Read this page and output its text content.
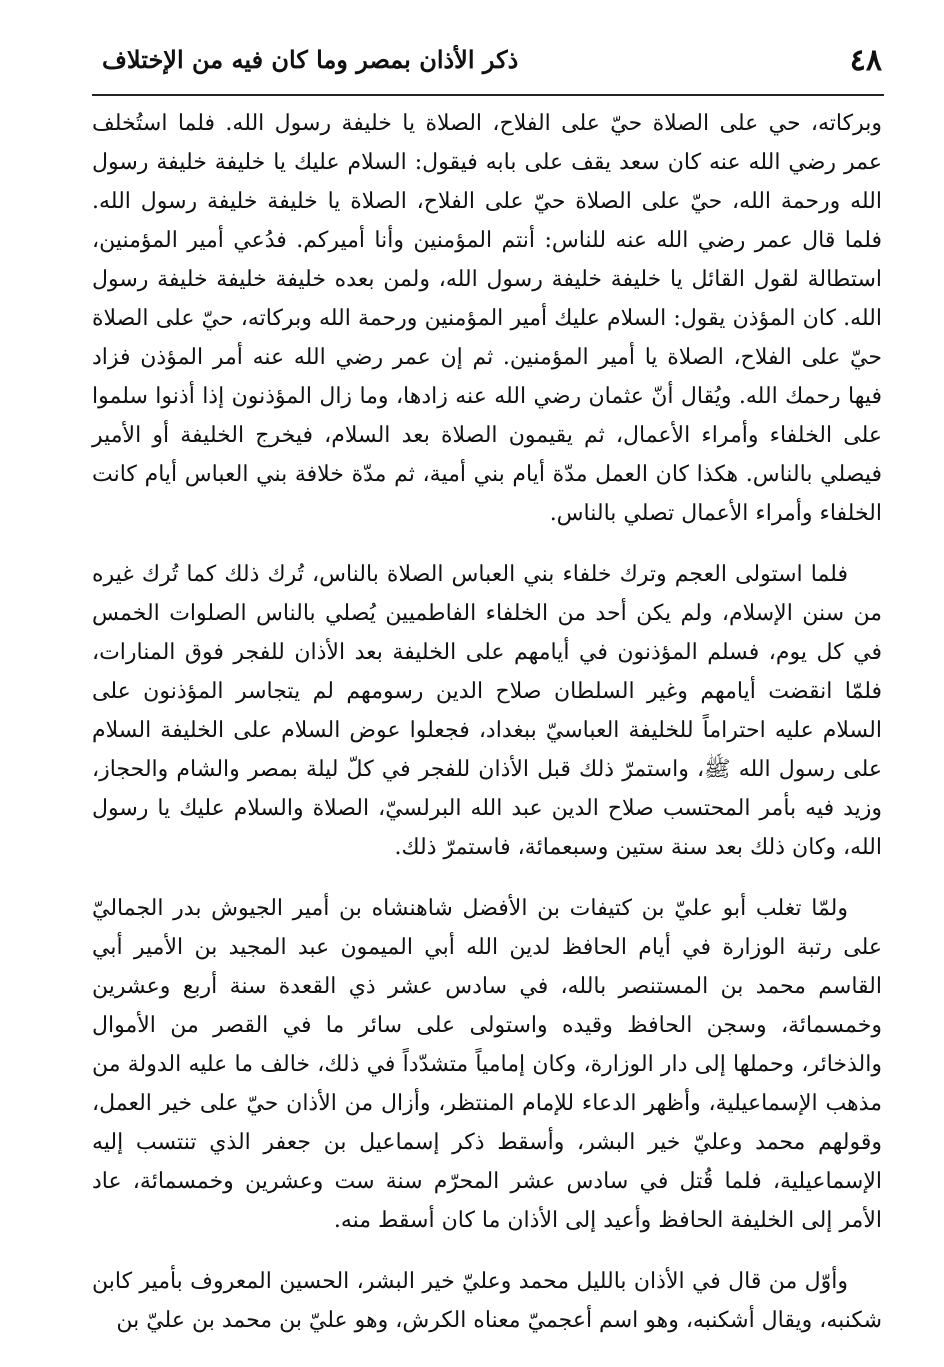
٤٨
ذكر الأذان بمصر وما كان فيه من الإختلاف

وبركاته، حي على الصلاة حيّ على الفلاح، الصلاة يا خليفة رسول الله. فلما استُخلف عمر رضي الله عنه كان سعد يقف على بابه فيقول: السلام عليك يا خليفة خليفة رسول الله ورحمة الله، حيّ على الصلاة حيّ على الفلاح، الصلاة يا خليفة خليفة رسول الله. فلما قال عمر رضي الله عنه للناس: أنتم المؤمنين وأنا أميركم. فدُعي أمير المؤمنين، استطالة لقول القائل يا خليفة خليفة رسول الله، ولمن بعده خليفة خليفة خليفة رسول الله. كان المؤذن يقول: السلام عليك أمير المؤمنين ورحمة الله وبركاته، حيّ على الصلاة حيّ على الفلاح، الصلاة يا أمير المؤمنين. ثم إن عمر رضي الله عنه أمر المؤذن فزاد فيها رحمك الله. ويُقال أنّ عثمان رضي الله عنه زادها، وما زال المؤذنون إذا أذنوا سلموا على الخلفاء وأمراء الأعمال، ثم يقيمون الصلاة بعد السلام، فيخرج الخليفة أو الأمير فيصلي بالناس. هكذا كان العمل مدّة أيام بني أمية، ثم مدّة خلافة بني العباس أيام كانت الخلفاء وأمراء الأعمال تصلي بالناس.

فلما استولى العجم وترك خلفاء بني العباس الصلاة بالناس، تُرك ذلك كما تُرك غيره من سنن الإسلام، ولم يكن أحد من الخلفاء الفاطميين يُصلي بالناس الصلوات الخمس في كل يوم، فسلم المؤذنون في أيامهم على الخليفة بعد الأذان للفجر فوق المنارات، فلمّا انقضت أيامهم وغير السلطان صلاح الدين رسومهم لم يتجاسر المؤذنون على السلام عليه احتراماً للخليفة العباسيّ ببغداد، فجعلوا عوض السلام على الخليفة السلام على رسول الله ﷺ، واستمرّ ذلك قبل الأذان للفجر في كلّ ليلة بمصر والشام والحجاز، وزيد فيه بأمر المحتسب صلاح الدين عبد الله البرلسيّ، الصلاة والسلام عليك يا رسول الله، وكان ذلك بعد سنة ستين وسبعمائة، فاستمرّ ذلك.

ولمّا تغلب أبو عليّ بن كتيفات بن الأفضل شاهنشاه بن أمير الجيوش بدر الجماليّ على رتبة الوزارة في أيام الحافظ لدين الله أبي الميمون عبد المجيد بن الأمير أبي القاسم محمد بن المستنصر بالله، في سادس عشر ذي القعدة سنة أربع وعشرين وخمسمائة، وسجن الحافظ وقيده واستولى على سائر ما في القصر من الأموال والذخائر، وحملها إلى دار الوزارة، وكان إمامياً متشدّداً في ذلك، خالف ما عليه الدولة من مذهب الإسماعيلية، وأظهر الدعاء للإمام المنتظر، وأزال من الأذان حيّ على خير العمل، وقولهم محمد وعليّ خير البشر، وأسقط ذكر إسماعيل بن جعفر الذي تنتسب إليه الإسماعيلية، فلما قُتل في سادس عشر المحرّم سنة ست وعشرين وخمسمائة، عاد الأمر إلى الخليفة الحافظ وأعيد إلى الأذان ما كان أسقط منه.

وأوّل من قال في الأذان بالليل محمد وعليّ خير البشر، الحسين المعروف بأمير كابن شكنبه، ويقال أشكنبه، وهو اسم أعجميّ معناه الكرش، وهو عليّ بن محمد بن عليّ بن
